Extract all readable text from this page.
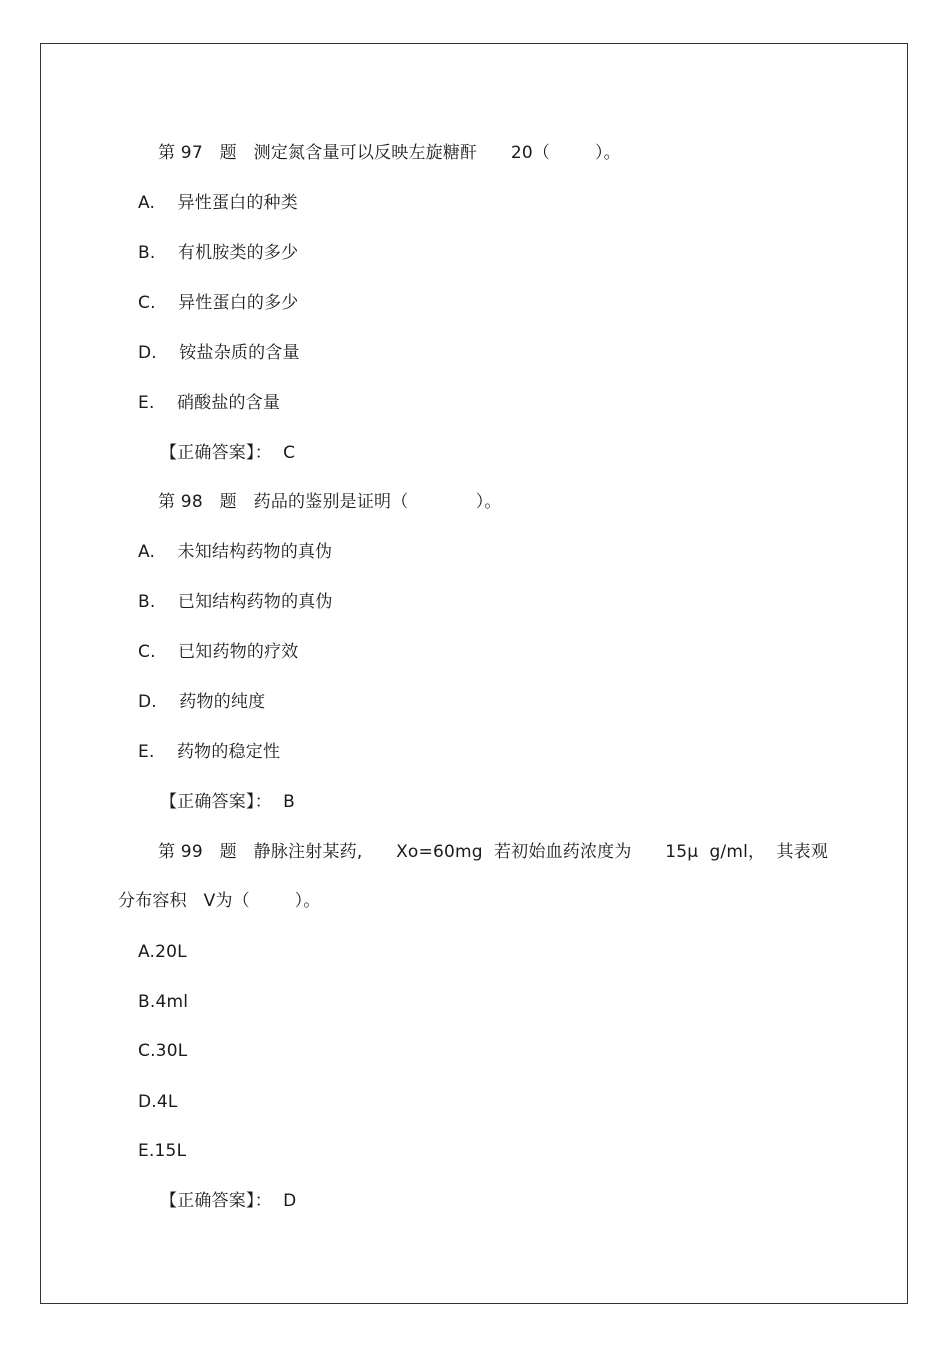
第 97   题   测定氮含量可以反映左旋糖酐      20（        ）。
A.    异性蛋白的种类
B.    有机胺类的多少
C.    异性蛋白的多少
D.    铵盐杂质的含量
E.    硝酸盐的含量
【正确答案】：  C
第 98   题   药品的鉴别是证明（            ）。
A.    未知结构药物的真伪
B.    已知结构药物的真伪
C.    已知药物的疗效
D.    药物的纯度
E.    药物的稳定性
【正确答案】：  B
第 99   题   静脉注射某药,      Xo=60mg  若初始血药浓度为      15μ  g/ml，  其表观
分布容积   V为（        ）。
A.20L
B.4ml
C.30L
D.4L
E.15L
【正确答案】：  D
